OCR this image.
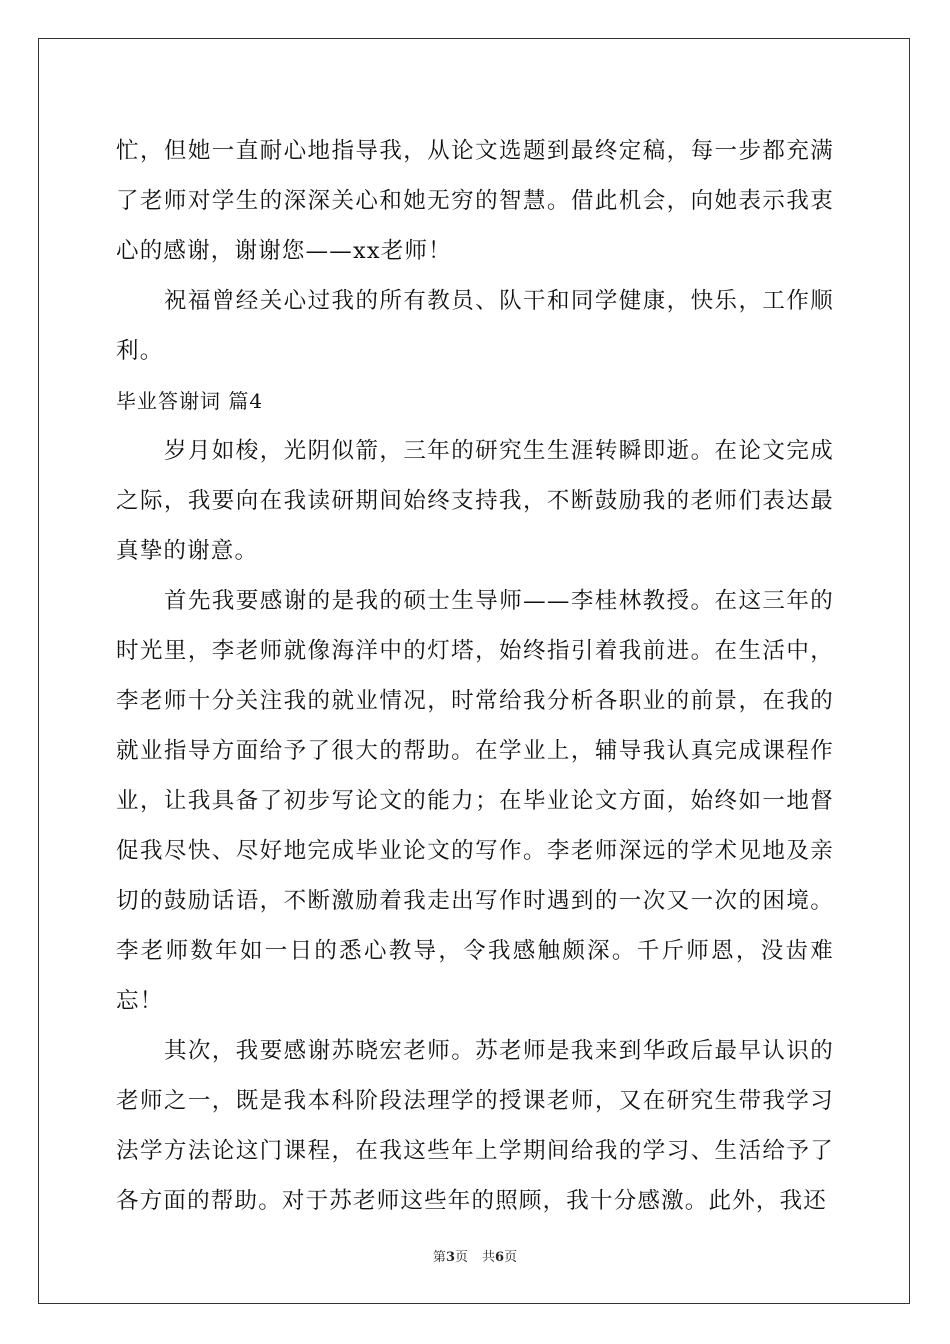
忙，但她一直耐心地指导我，从论文选题到最终定稿，每一步都充满了老师对学生的深深关心和她无穷的智慧。借此机会，向她表示我衷心的感谢，谢谢您——xx老师！

祝福曾经关心过我的所有教员、队干和同学健康，快乐，工作顺利。

毕业答谢词 篇4

岁月如梭，光阴似箭，三年的研究生生涯转瞬即逝。在论文完成之际，我要向在我读研期间始终支持我，不断鼓励我的老师们表达最真挚的谢意。

首先我要感谢的是我的硕士生导师——李桂林教授。在这三年的时光里，李老师就像海洋中的灯塔，始终指引着我前进。在生活中，李老师十分关注我的就业情况，时常给我分析各职业的前景，在我的就业指导方面给予了很大的帮助。在学业上，辅导我认真完成课程作业，让我具备了初步写论文的能力；在毕业论文方面，始终如一地督促我尽快、尽好地完成毕业论文的写作。李老师深远的学术见地及亲切的鼓励话语，不断激励着我走出写作时遇到的一次又一次的困境。李老师数年如一日的悉心教导，令我感触颇深。千斤师恩，没齿难忘！

其次，我要感谢苏晓宏老师。苏老师是我来到华政后最早认识的老师之一，既是我本科阶段法理学的授课老师，又在研究生带我学习法学方法论这门课程，在我这些年上学期间给我的学习、生活给予了各方面的帮助。对于苏老师这些年的照顾，我十分感激。此外，我还

第3页 共6页
